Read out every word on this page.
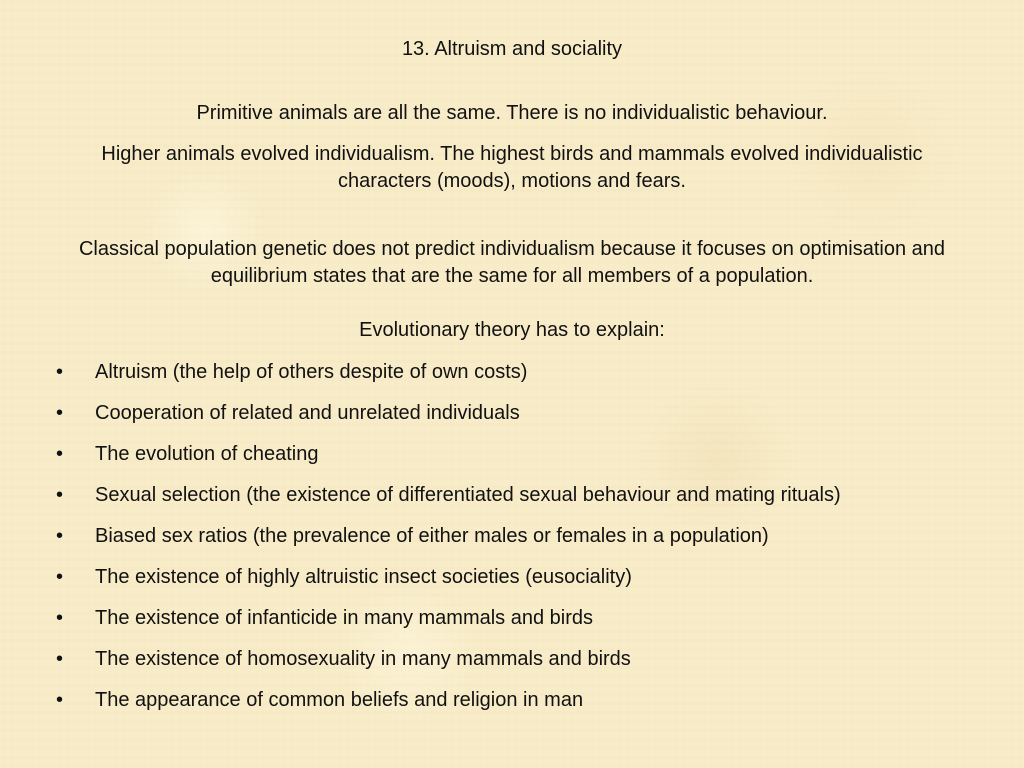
13. Altruism and sociality
Primitive animals are all the same. There is no individualistic behaviour.
Higher animals evolved individualism. The highest birds and mammals evolved individualistic characters (moods), motions and fears.
Classical population genetic does not predict individualism because it focuses on optimisation and equilibrium states that are the same for all members of a population.
Evolutionary theory has to explain:
• Altruism (the help of others despite of own costs)
• Cooperation of related and unrelated individuals
• The evolution of cheating
• Sexual selection (the existence of differentiated sexual behaviour and mating rituals)
• Biased sex ratios (the prevalence of either males or females in a population)
• The existence of highly altruistic insect societies (eusociality)
• The existence of infanticide in many mammals and birds
• The existence of homosexuality in many mammals and birds
• The appearance of common beliefs and religion in man
